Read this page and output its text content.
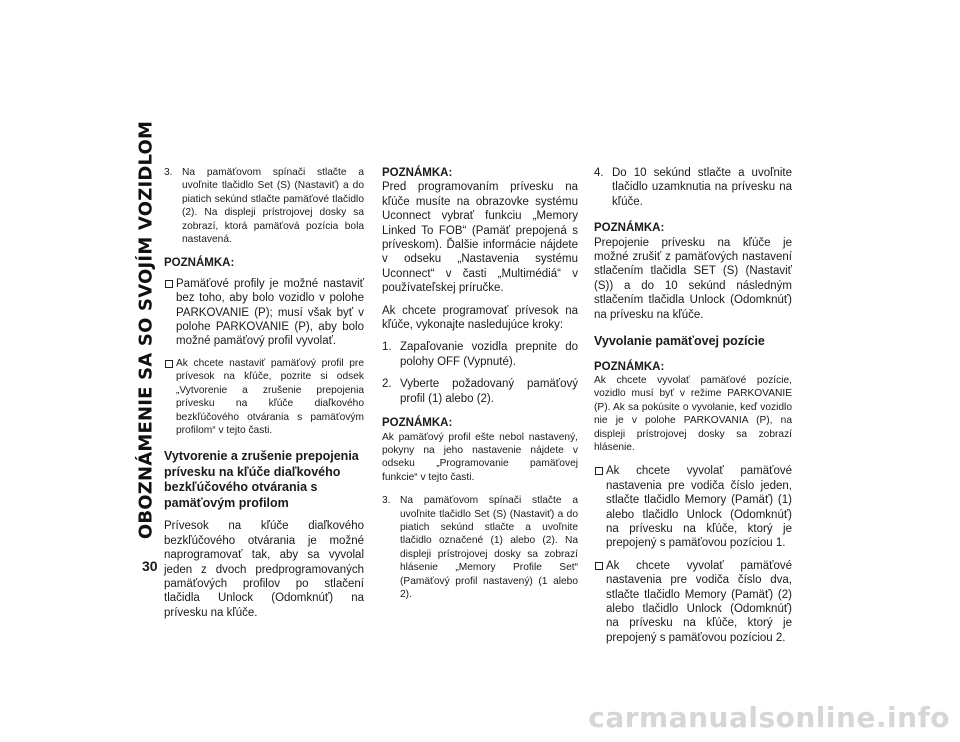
OBOZNÁMENIE SA SO SVOJÍM VOZIDLOM
30
3. Na pamäťovom spínači stlačte a uvoľnite tlačidlo Set (S) (Nastaviť) a do piatich sekúnd stlačte pamäťové tlačidlo (2). Na displeji prístrojovej dosky sa zobrazí, ktorá pamäťová pozícia bola nastavená.

POZNÁMKA:

Pamäťové profily je možné nastaviť bez toho, aby bolo vozidlo v polohe PARKOVANIE (P); musí však byť v polohe PARKOVANIE (P), aby bolo možné pamäťový profil vyvolať.
Ak chcete nastaviť pamäťový profil pre prívesok na kľúče, pozrite si odsek „Vytvorenie a zrušenie prepojenia prívesku na kľúče diaľkového bezkľúčového otvárania s pamäťovým profilom“ v tejto časti.

Vytvorenie a zrušenie prepojenia prívesku na kľúče diaľkového bezkľúčového otvárania s pamäťovým profilom

Prívesok na kľúče diaľkového bezkľúčového otvárania je možné naprogramovať tak, aby sa vyvolal jeden z dvoch predprogramovaných pamäťových profilov po stlačení tlačidla Unlock (Odomknúť) na prívesku na kľúče.

POZNÁMKA:

Pred programovaním prívesku na kľúče musíte na obrazovke systému Uconnect vybrať funkciu „Memory Linked To FOB“ (Pamäť prepojená s príveskom). Ďalšie informácie nájdete v odseku „Nastavenia systému Uconnect“ v časti „Multimédiá“ v používateľskej príručke.

Ak chcete programovať prívesok na kľúče, vykonajte nasledujúce kroky:

1. Zapaľovanie vozidla prepnite do polohy OFF (Vypnuté).
2. Vyberte požadovaný pamäťový profil (1) alebo (2).

POZNÁMKA:

Ak pamäťový profil ešte nebol nastavený, pokyny na jeho nastavenie nájdete v odseku „Programovanie pamäťovej funkcie“ v tejto časti.

3. Na pamäťovom spínači stlačte a uvoľnite tlačidlo Set (S) (Nastaviť) a do piatich sekúnd stlačte a uvoľnite tlačidlo označené (1) alebo (2). Na displeji prístrojovej dosky sa zobrazí hlásenie „Memory Profile Set“ (Pamäťový profil nastavený) (1 alebo 2).
4. Do 10 sekúnd stlačte a uvoľnite tlačidlo uzamknutia na prívesku na kľúče.

POZNÁMKA:

Prepojenie prívesku na kľúče je možné zrušiť z pamäťových nastavení stlačením tlačidla SET (S) (Nastaviť (S)) a do 10 sekúnd následným stlačením tlačidla Unlock (Odomknúť) na prívesku na kľúče.

Vyvolanie pamäťovej pozície

POZNÁMKA:

Ak chcete vyvolať pamäťové pozície, vozidlo musí byť v režime PARKOVANIE (P). Ak sa pokúsite o vyvolanie, keď vozidlo nie je v polohe PARKOVANIA (P), na displeji prístrojovej dosky sa zobrazí hlásenie.

Ak chcete vyvolať pamäťové nastavenia pre vodiča číslo jeden, stlačte tlačidlo Memory (Pamäť) (1) alebo tlačidlo Unlock (Odomknúť) na prívesku na kľúče, ktorý je prepojený s pamäťovou pozíciou 1.
Ak chcete vyvolať pamäťové nastavenia pre vodiča číslo dva, stlačte tlačidlo Memory (Pamäť) (2) alebo tlačidlo Unlock (Odomknúť) na prívesku na kľúče, ktorý je prepojený s pamäťovou pozíciou 2.
carmanualsonline.info
